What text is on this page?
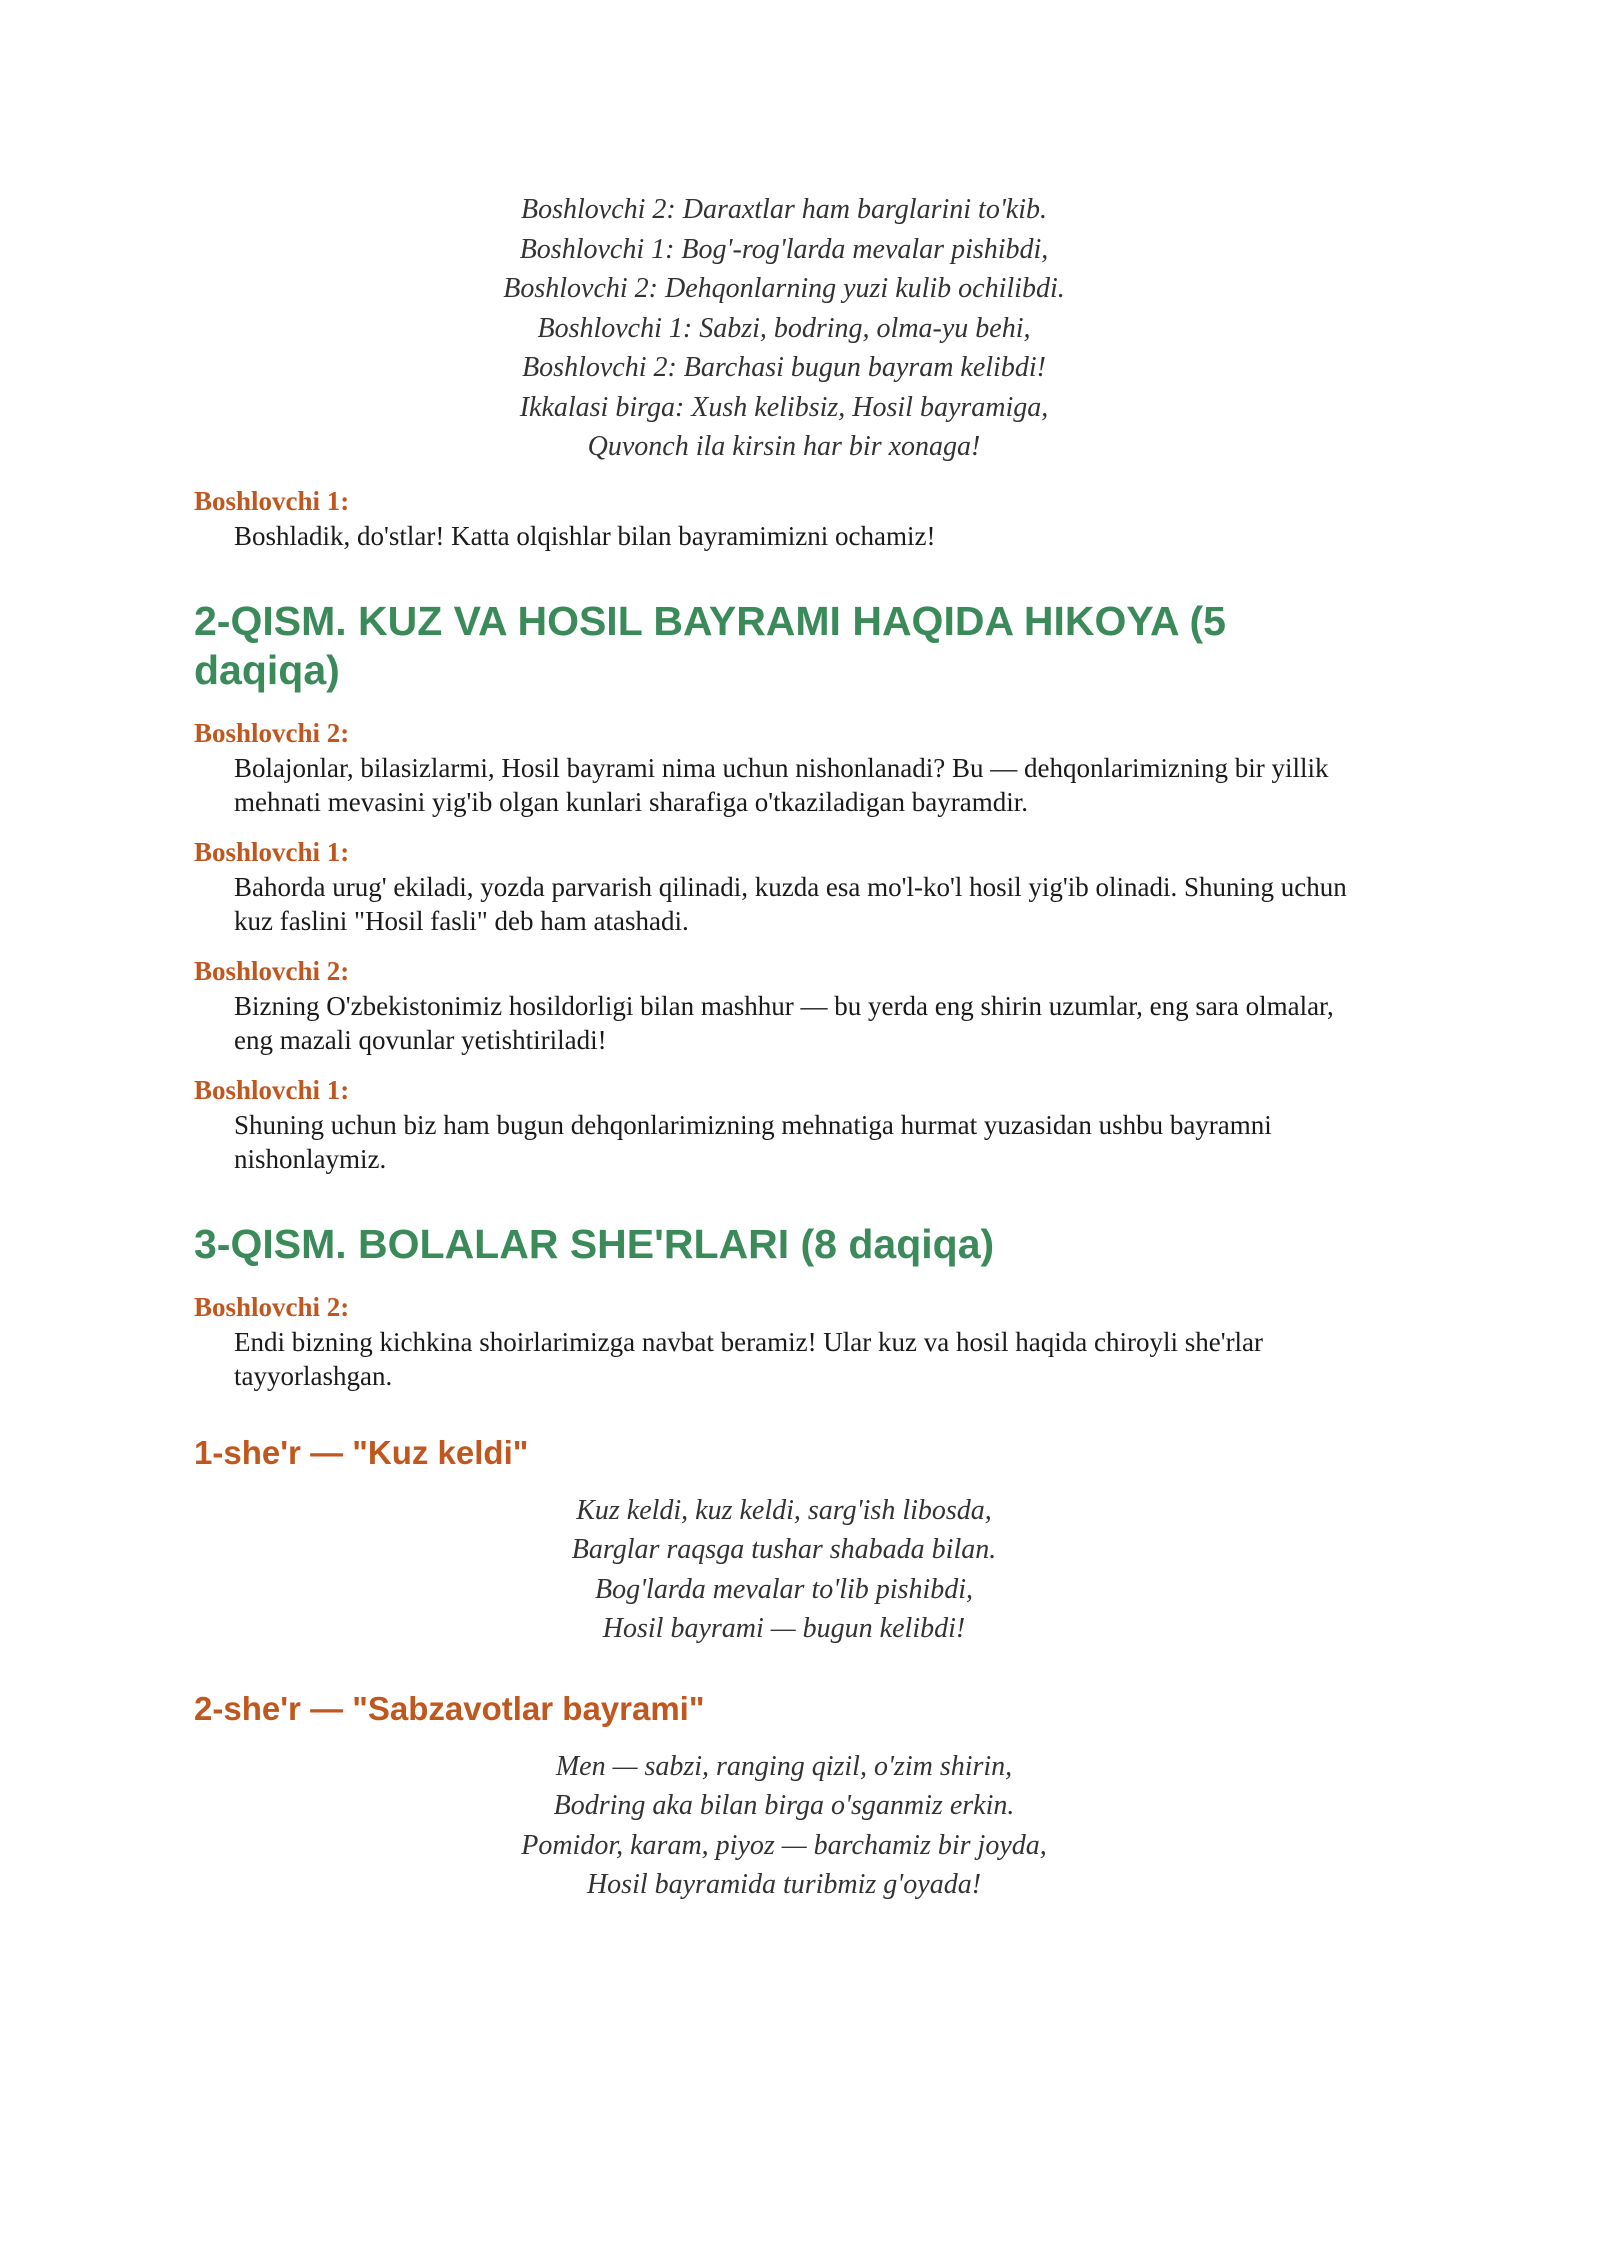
Boshlovchi 2: Daraxtlar ham barglarini to'kib.
Boshlovchi 1: Bog'-rog'larda mevalar pishibdi,
Boshlovchi 2: Dehqonlarning yuzi kulib ochilibdi.
Boshlovchi 1: Sabzi, bodring, olma-yu behi,
Boshlovchi 2: Barchasi bugun bayram kelibdi!
Ikkalasi birga: Xush kelibsiz, Hosil bayramiga,
Quvonch ila kirsin har bir xonaga!
Boshlovchi 1:
Boshladik, do'stlar! Katta olqishlar bilan bayramimizni ochamiz!
2-QISM. KUZ VA HOSIL BAYRAMI HAQIDA HIKOYA (5 daqiqa)
Boshlovchi 2:
Bolajonlar, bilasizlarmi, Hosil bayrami nima uchun nishonlanadi? Bu — dehqonlarimizning bir yillik mehnati mevasini yig'ib olgan kunlari sharafiga o'tkaziladigan bayramdir.
Boshlovchi 1:
Bahorda urug' ekiladi, yozda parvarish qilinadi, kuzda esa mo'l-ko'l hosil yig'ib olinadi. Shuning uchun kuz faslini "Hosil fasli" deb ham atashadi.
Boshlovchi 2:
Bizning O'zbekistonimiz hosildorligi bilan mashhur — bu yerda eng shirin uzumlar, eng sara olmalar, eng mazali qovunlar yetishtiriladi!
Boshlovchi 1:
Shuning uchun biz ham bugun dehqonlarimizning mehnatiga hurmat yuzasidan ushbu bayramni nishonlaymiz.
3-QISM. BOLALAR SHE'RLARI (8 daqiqa)
Boshlovchi 2:
Endi bizning kichkina shoirlarimizga navbat beramiz! Ular kuz va hosil haqida chiroyli she'rlar tayyorlashgan.
1-she'r — "Kuz keldi"
Kuz keldi, kuz keldi, sarg'ish libosda,
Barglar raqsga tushar shabada bilan.
Bog'larda mevalar to'lib pishibdi,
Hosil bayrami — bugun kelibdi!
2-she'r — "Sabzavotlar bayrami"
Men — sabzi, ranging qizil, o'zim shirin,
Bodring aka bilan birga o'sganmiz erkin.
Pomidor, karam, piyoz — barchamiz bir joyda,
Hosil bayramida turibmiz g'oyada!
